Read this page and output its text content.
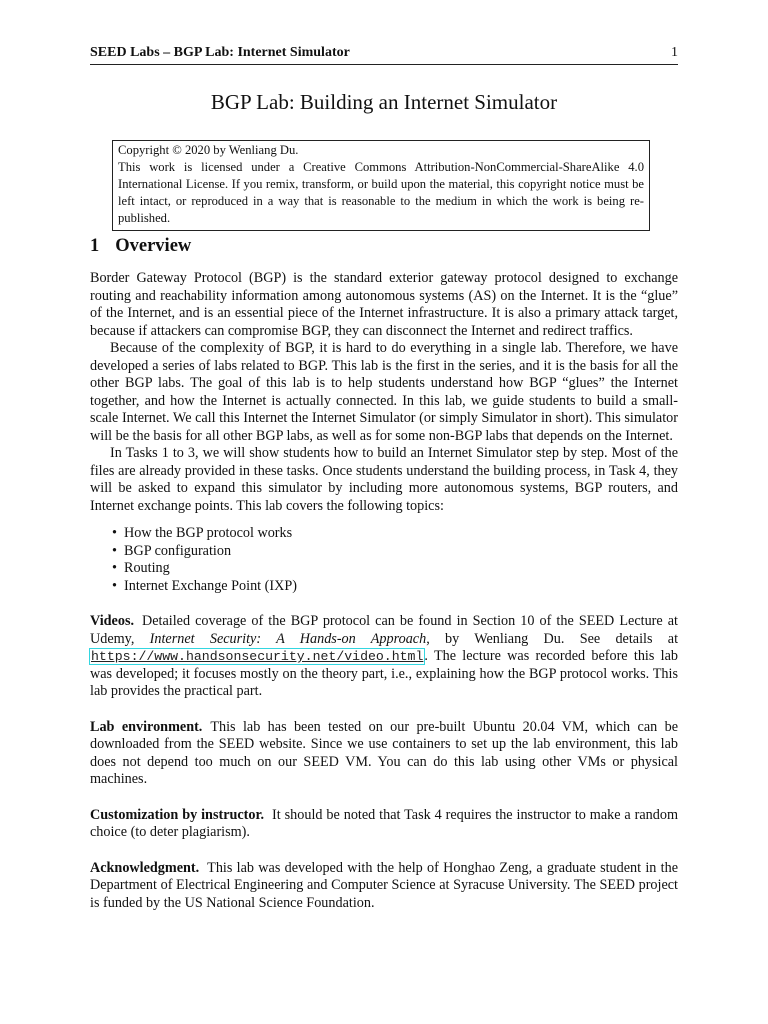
SEED Labs – BGP Lab: Internet Simulator	1
BGP Lab: Building an Internet Simulator

Copyright © 2020 by Wenliang Du.

This work is licensed under a Creative Commons Attribution-NonCommercial-ShareAlike 4.0 International License. If you remix, transform, or build upon the material, this copyright notice must be left intact, or reproduced in a way that is reasonable to the medium in which the work is being re-published.

1 Overview

Border Gateway Protocol (BGP) is the standard exterior gateway protocol designed to exchange routing and reachability information among autonomous systems (AS) on the Internet. It is the “glue” of the Internet, and is an essential piece of the Internet infrastructure. It is also a primary attack target, because if attackers can compromise BGP, they can disconnect the Internet and redirect traffics.

Because of the complexity of BGP, it is hard to do everything in a single lab. Therefore, we have developed a series of labs related to BGP. This lab is the first in the series, and it is the basis for all the other BGP labs. The goal of this lab is to help students understand how BGP “glues” the Internet together, and how the Internet is actually connected. In this lab, we guide students to build a small-scale Internet. We call this Internet the Internet Simulator (or simply Simulator in short). This simulator will be the basis for all other BGP labs, as well as for some non-BGP labs that depends on the Internet.

In Tasks 1 to 3, we will show students how to build an Internet Simulator step by step. Most of the files are already provided in these tasks. Once students understand the building process, in Task 4, they will be asked to expand this simulator by including more autonomous systems, BGP routers, and Internet exchange points. This lab covers the following topics:

• How the BGP protocol works
• BGP configuration
• Routing
• Internet Exchange Point (IXP)

Videos. Detailed coverage of the BGP protocol can be found in Section 10 of the SEED Lecture at Udemy, Internet Security: A Hands-on Approach, by Wenliang Du. See details at https://www.handsonsecurity.net/video.html. The lecture was recorded before this lab was developed; it focuses mostly on the theory part, i.e., explaining how the BGP protocol works. This lab provides the practical part.

Lab environment. This lab has been tested on our pre-built Ubuntu 20.04 VM, which can be downloaded from the SEED website. Since we use containers to set up the lab environment, this lab does not depend too much on our SEED VM. You can do this lab using other VMs or physical machines.

Customization by instructor. It should be noted that Task 4 requires the instructor to make a random choice (to deter plagiarism).

Acknowledgment. This lab was developed with the help of Honghao Zeng, a graduate student in the Department of Electrical Engineering and Computer Science at Syracuse University. The SEED project is funded by the US National Science Foundation.
